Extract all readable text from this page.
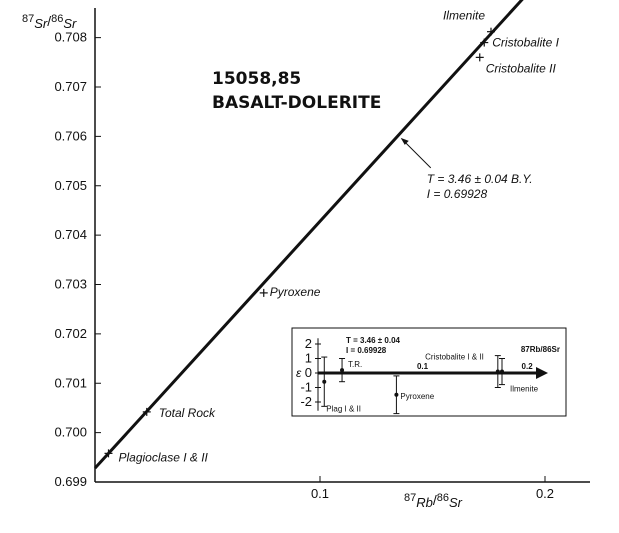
$^{87}$Sr/$^{86}$Sr
0.699
0.700
0.701
0.702
0.703
0.704
0.705
0.706
0.707
0.708
0.1	0.2
$^{87}$Rb/$^{86}$Sr
15058,85
BASALT-DOLERITE
T = 3.46 ± 0.04 B.Y.
I = 0.69928
Plagioclase I & II
Total Rock
Pyroxene
Cristobalite II
Cristobalite I
Ilmenite
2
1
0
-1
-2
ε	0.1	0.2
T = 3.46 ± 0.04
I = 0.69928	87Rb/86Sr
Plag I & II
T.R.
Pyroxene
Cristobalite I & II
Ilmenite
